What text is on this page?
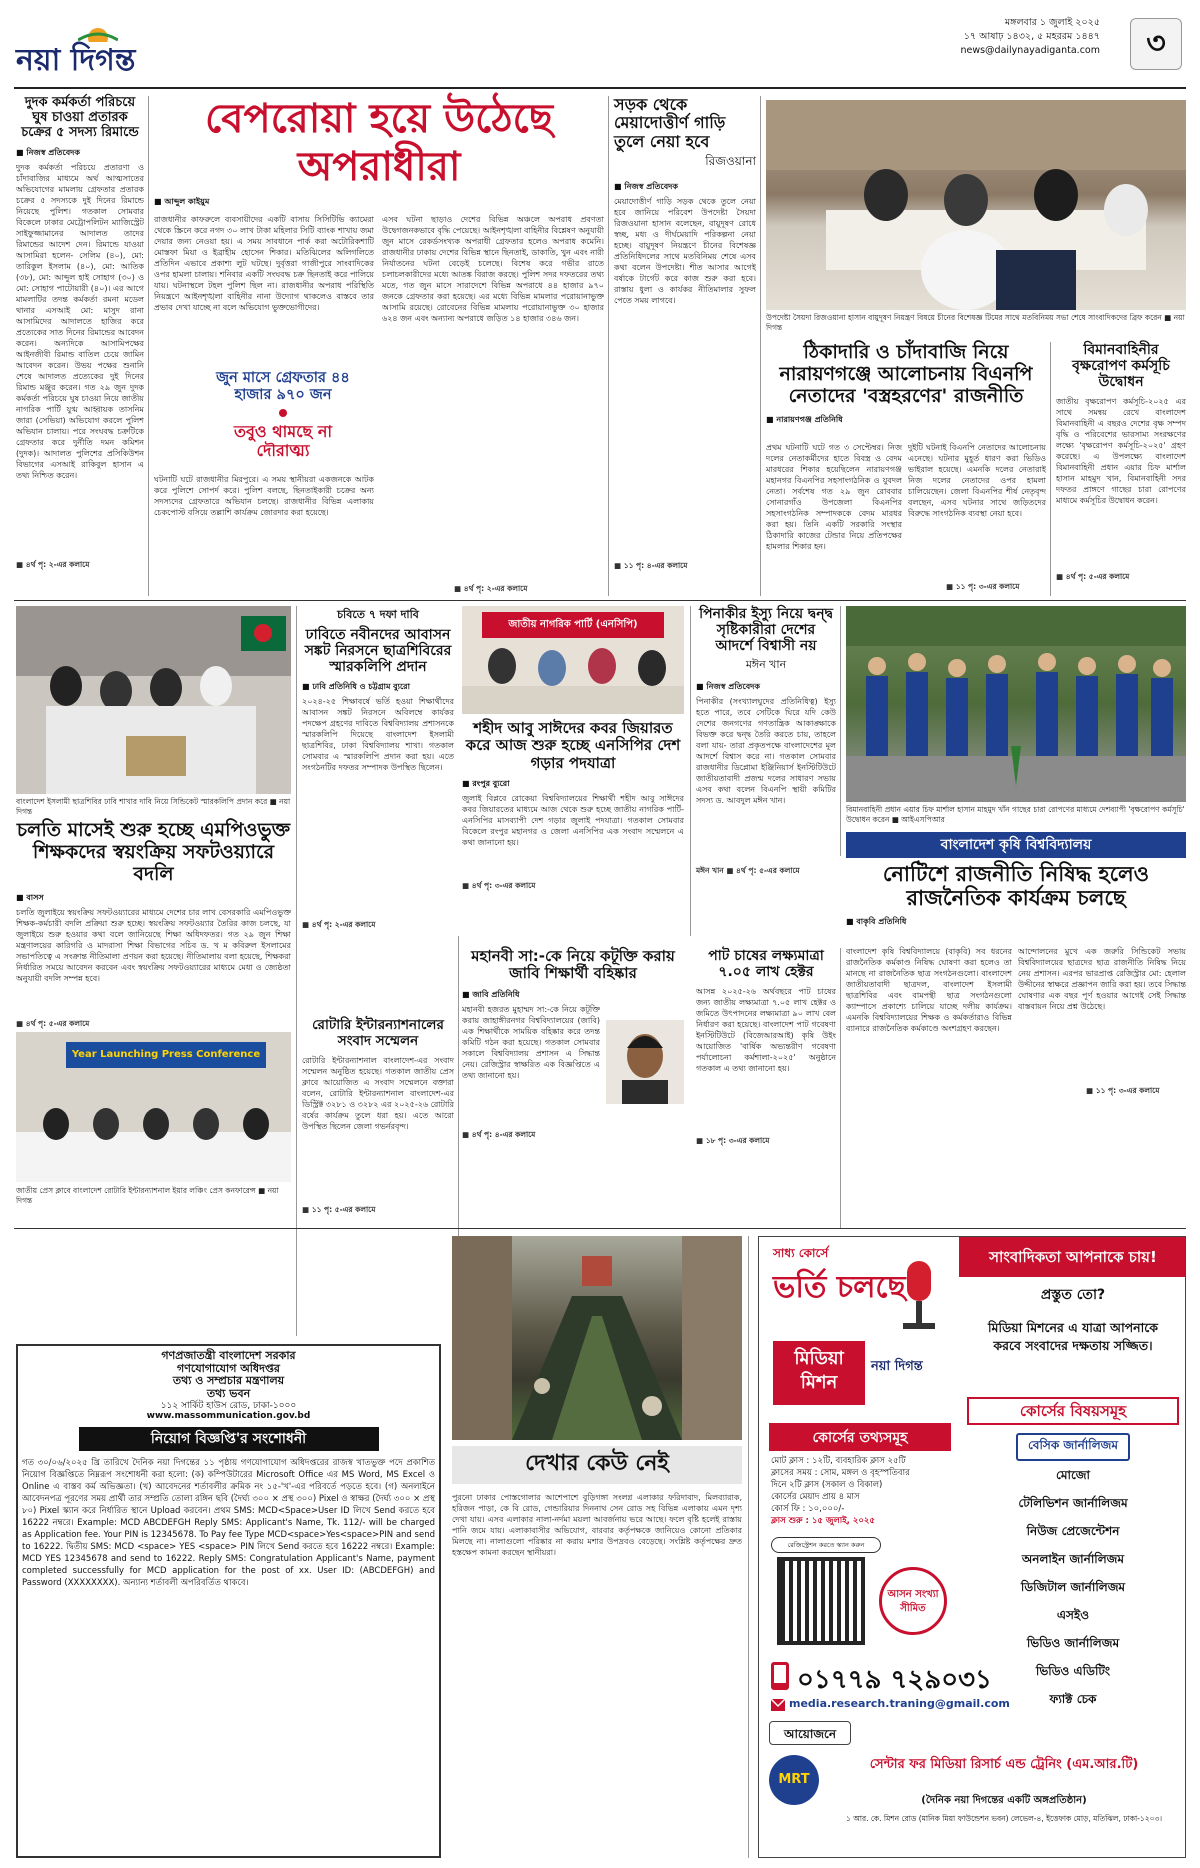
নয়া দিগন্ত
মঙ্গলবার ১ জুলাই ২০২৫
১৭ আষাঢ় ১৪৩২, ৫ মহররম ১৪৪৭
news@dailynayadiganta.com ৩
দুদক কর্মকর্তা পরিচয়ে ঘুষ চাওয়া প্রতারক চক্রের ৫ সদস্য রিমান্ডে
■ নিজস্ব প্রতিবেদক
দুদক কর্মকর্তা পরিচয়ে প্রতারণা ও চাঁদাবাজির মাধ্যমে অর্থ আত্মসাতের অভিযোগের মামলায় গ্রেফতার প্রতারক চক্রের ৫ সদস্যকে দুই দিনের রিমান্ডে নিয়েছে পুলিশ। গতকাল সোমবার বিকেলে ঢাকার মেট্রোপলিটন ম্যাজিস্ট্রেট সাইফুজ্জামানের আদালত তাদের রিমান্ডের আদেশ দেন। রিমান্ডে যাওয়া আসামিরা হলেন- সেলিম (৪০), মো: তারিকুল ইসলাম (৪০), মো: আতিক (৩৮), মো: আব্দুল হাই সোহাগ (৩০) ও মো: সোহাগ পাটোয়ারী (৪০)। এর আগে মামলাটির তদন্ত কর্মকর্তা রমনা মডেল থানার এসআই মো: মাসুদ রানা আসামিদের আদালতে হাজির করে প্রত্যেকের সাত দিনের রিমান্ডের আবেদন করেন। অন্যদিকে আসামিপক্ষের আইনজীবী রিমান্ড বাতিল চেয়ে জামিন আবেদন করেন। উভয় পক্ষের শুনানি শেষে আদালত প্রত্যেকের দুই দিনের রিমান্ড মঞ্জুর করেন। গত ২৯ জুন দুদক কর্মকর্তা পরিচয়ে ঘুষ চাওয়া নিয়ে জাতীয় নাগরিক পার্টি যুগ্ম আহ্বায়ক তাসনিম জারা (সেভিয়া) অভিযোগ করলে পুলিশ অভিযান চালায়। পরে সংঘবদ্ধ চক্রটিকে গ্রেফতার করে দুর্নীতি দমন কমিশন (দুদক)। আদালত পুলিশের প্রসিকিউশন বিভাগের এসআই রাকিবুল হাসান এ তথ্য নিশ্চিত করেন।
■ ৪র্থ পৃ: ২-এর কলামে
বেপরোয়া হয়ে উঠেছে
অপরাধীরা
■ আব্দুল কাইয়ুম
রাজধানীর কাফরুলে ব্যবসায়ীদের একটি বাসায় সিসিটিভি ক্যামেরা থেকে স্ক্রিনে করে নগদ ৩০ লাখ টাকা মহিলার সিটি ব্যাংক শাখায় জমা দেয়ার জন্য নেওয়া হয়। এ সময় সাবধানে পার্ক করা অটোরিকশাটি মোস্তফা মিয়া ও ইব্রাহীম হোসেন শিকার। মতিঝিলের অলিগলিতে প্রতিদিন এভাবে প্রকাশ্য লুট ঘটছে। দুর্বৃত্তরা গাজীপুরে সাংবাদিকের ওপর হামলা চালায়। শনিবার একটি সংঘবদ্ধ চক্র ছিনতাই করে পালিয়ে যায়। ঘটনাস্থলে টহল পুলিশ ছিল না। রাজধানীর অপরাধ পরিস্থিতি নিয়ন্ত্রণে আইনশৃঙ্খলা বাহিনীর নানা উদ্যোগ থাকলেও বাস্তবে তার প্রভাব দেখা যাচ্ছে না বলে অভিযোগ ভুক্তভোগীদের।
এসব ঘটনা ছাড়াও দেশের বিভিন্ন অঞ্চলে অপরাধ প্রবণতা উদ্বেগজনকভাবে বৃদ্ধি পেয়েছে। আইনশৃঙ্খলা বাহিনীর বিশ্লেষণ অনুযায়ী জুন মাসে রেকর্ডসংখ্যক অপরাধী গ্রেফতার হলেও অপরাধ কমেনি। রাজধানীর ঢাকায় দেশের বিভিন্ন স্থানে ছিনতাই, ডাকাতি, খুন এবং নারী নির্যাতনের ঘটনা বেড়েই চলেছে। বিশেষ করে গভীর রাতে চলাচলকারীদের মধ্যে আতঙ্ক বিরাজ করছে। পুলিশ সদর দফতরের তথ্য মতে, গত জুন মাসে সারাদেশে বিভিন্ন অপরাধে ৪৪ হাজার ৯৭০ জনকে গ্রেফতার করা হয়েছে। এর মধ্যে বিভিন্ন মামলার পরোয়ানাভুক্ত আসামি রয়েছে। রোবেনের বিভিন্ন মামলায় পরোয়ানাভুক্ত ৩০ হাজার ৬২৪ জন এবং অন্যান্য অপরাধে জড়িত ১৪ হাজার ৩৪৬ জন।
জুন মাসে গ্রেফতার ৪৪
হাজার ৯৭০ জন
তবুও থামছে না
দৌরাত্ম্য
ঘটনাটি ঘটে রাজধানীর মিরপুরে। এ সময় স্থানীয়রা একজনকে আটক করে পুলিশে সোপর্দ করে। পুলিশ বলছে, ছিনতাইকারী চক্রের অন্য সদস্যদের গ্রেফতারে অভিযান চলছে। রাজধানীর বিভিন্ন এলাকায় চেকপোস্ট বসিয়ে তল্লাশি কার্যক্রম জোরদার করা হয়েছে।
■ ৪র্থ পৃ: ২-এর কলামে
সড়ক থেকে মেয়াদোত্তীর্ণ গাড়ি তুলে নেয়া হবে
রিজওয়ানা
■ নিজস্ব প্রতিবেদক
মেয়াদোত্তীর্ণ গাড়ি সড়ক থেকে তুলে নেয়া হবে জানিয়ে পরিবেশ উপদেষ্টা সৈয়দা রিজওয়ানা হাসান বলেছেন, বায়ুদূষণ রোধে স্বচ্ছ, মধ্য ও দীর্ঘমেয়াদি পরিকল্পনা নেয়া হচ্ছে। বায়ুদূষণ নিয়ন্ত্রণে চীনের বিশেষজ্ঞ প্রতিনিধিদলের সাথে মতবিনিময় শেষে এসব কথা বলেন উপদেষ্টা। শীত আসার আগেই বর্ষাকে টার্গেট করে কাজ শুরু করা হবে। রাস্তায় ধুলা ও কার্যকর নীতিমালার সুফল পেতে সময় লাগবে।
■ ১১ পৃ: ৪-এর কলামে
উপদেষ্টা সৈয়দা রিজওয়ানা হাসান বায়ুদূষণ নিয়ন্ত্রণ বিষয়ে চীনের বিশেষজ্ঞ টিমের সাথে মতবিনিময় সভা শেষে সাংবাদিকদের ব্রিফ করেন ■ নয়া দিগন্ত
ঠিকাদারি ও চাঁদাবাজি নিয়ে নারায়ণগঞ্জে আলোচনায় বিএনপি নেতাদের 'বস্ত্রহরণের' রাজনীতি
■ নারায়ণগঞ্জ প্রতিনিধি
প্রথম ঘটনাটি ঘটে গত ৩ সেপ্টেম্বর। নিজ দলের নেতাকর্মীদের হাতে বিবস্ত্র ও বেদম মারধরের শিকার হয়েছিলেন নারায়ণগঞ্জ মহানগর বিএনপির সহসাংগঠনিক ও যুবদল নেতা। সর্বশেষ গত ২৯ জুন রোববার সোনারগাঁও উপজেলা বিএনপির সহসাংগঠনিক সম্পাদককে বেদম মারধর করা হয়। তিনি একটি সরকারি সংস্থার ঠিকাদারি কাজের টেন্ডার নিয়ে প্রতিপক্ষের হামলার শিকার হন।
দুইটি ঘটনাই বিএনপি নেতাদের আলোচনায় এনেছে। ঘটনার মুহূর্ত ধারণ করা ভিডিও ভাইরাল হয়েছে। এমনকি দলের নেতারাই নিজ দলের নেতাদের ওপর হামলা চালিয়েছেন। জেলা বিএনপির শীর্ষ নেতৃবৃন্দ বলছেন, এসব ঘটনার সাথে জড়িতদের বিরুদ্ধে সাংগঠনিক ব্যবস্থা নেয়া হবে।
■ ১১ পৃ: ৩-এর কলামে
বিমানবাহিনীর বৃক্ষরোপণ কর্মসূচি উদ্বোধন
জাতীয় বৃক্ষরোপণ কর্মসূচি-২০২৫ এর সাথে সমন্বয় রেখে বাংলাদেশ বিমানবাহিনী এ বছরও দেশের বৃক্ষ সম্পদ বৃদ্ধি ও পরিবেশের ভারসাম্য সংরক্ষণের লক্ষ্যে 'বৃক্ষরোপণ কর্মসূচি-২০২৫' গ্রহণ করেছে। এ উপলক্ষ্যে বাংলাদেশ বিমানবাহিনী প্রধান এয়ার চিফ মার্শাল হাসান মাহমুদ খান, বিমানবাহিনী সদর দফতর প্রাঙ্গণে গাছের চারা রোপণের মাধ্যমে কর্মসূচির উদ্বোধন করেন।
■ ৪র্থ পৃ: ৫-এর কলামে
বাংলাদেশ ইসলামী ছাত্রশিবির ঢাবি শাখার দাবি নিয়ে সিন্ডিকেট স্মারকলিপি প্রদান করে ■ নয়া দিগন্ত
চলতি মাসেই শুরু হচ্ছে এমপিওভুক্ত শিক্ষকদের স্বয়ংক্রিয় সফটওয়্যারে বদলি
■ বাসস
চলতি জুলাইয়ে স্বয়ংক্রিয় সফটওয়্যারের মাধ্যমে দেশের চার লাখ বেসরকারি এমপিওভুক্ত শিক্ষক-কর্মচারী বদলি প্রক্রিয়া শুরু হচ্ছে। স্বয়ংক্রিয় সফটওয়্যার তৈরির কাজ চলছে, যা জুলাইয়ে শুরু হওয়ার কথা বলে জানিয়েছে শিক্ষা অধিদফতর। গত ২৯ জুন শিক্ষা মন্ত্রণালয়ের কারিগরি ও মাদরাসা শিক্ষা বিভাগের সচিব ড. খ ম কবিরুল ইসলামের সভাপতিত্বে এ সংক্রান্ত নীতিমালা প্রণয়ন করা হয়েছে। নীতিমালায় বলা হয়েছে, শিক্ষকরা নির্ধারিত সময়ে আবেদন করবেন এবং স্বয়ংক্রিয় সফটওয়্যারের মাধ্যমে মেধা ও জ্যেষ্ঠতা অনুযায়ী বদলি সম্পন্ন হবে।
■ ৪র্থ পৃ: ৫-এর কলামে
চবিতে ৭ দফা দাবি
ঢাবিতে নবীনদের আবাসন সঙ্কট নিরসনে ছাত্রশিবিরের স্মারকলিপি প্রদান
■ ঢাবি প্রতিনিধি ও চট্টগ্রাম ব্যুরো
২০২৪-২৫ শিক্ষাবর্ষে ভর্তি হওয়া শিক্ষার্থীদের আবাসন সঙ্কট নিরসনে অবিলম্বে কার্যকর পদক্ষেপ গ্রহণের দাবিতে বিশ্ববিদ্যালয় প্রশাসনকে স্মারকলিপি দিয়েছে বাংলাদেশ ইসলামী ছাত্রশিবির, ঢাকা বিশ্ববিদ্যালয় শাখা। গতকাল সোমবার এ স্মারকলিপি প্রদান করা হয়। এতে সংগঠনটির দফতর সম্পাদক উপস্থিত ছিলেন।
■ ৪র্থ পৃ: ২-এর কলামে
জাতীয় নাগরিক পার্টি (এনসিপি)
শহীদ আবু সাঈদের কবর জিয়ারত করে আজ শুরু হচ্ছে এনসিপির দেশ গড়ার পদযাত্রা
■ রংপুর ব্যুরো
জুলাই বিপ্লবে রোকেয়া বিশ্ববিদ্যালয়ের শিক্ষার্থী শহীদ আবু সাঈদের কবর জিয়ারতের মাধ্যমে আজ থেকে শুরু হচ্ছে জাতীয় নাগরিক পার্টি-এনসিপির মাসব্যাপী দেশ গড়ার জুলাই পদযাত্রা। গতকাল সোমবার বিকেলে রংপুর মহানগর ও জেলা এনসিপির এক সংবাদ সম্মেলনে এ কথা জানানো হয়।
■ ৪র্থ পৃ: ৩-এর কলামে
পিনাকীর ইস্যু নিয়ে দ্বন্দ্ব সৃষ্টিকারীরা দেশের আদর্শে বিশ্বাসী নয়
মঈন খান
■ নিজস্ব প্রতিবেদক
পিনাকীর (সংখ্যালঘুদের প্রতিনিধিত্ব) ইস্যু হতে পারে, তবে সেটিকে ঘিরে যদি কেউ দেশের জনগণের গণতান্ত্রিক আকাঙ্ক্ষাকে বিভক্ত করে দ্বন্দ্ব তৈরি করতে চায়, তাহলে বলা যায়- তারা প্রকৃতপক্ষে বাংলাদেশের মূল আদর্শে বিশ্বাস করে না। গতকাল সোমবার রাজধানীর ডিপ্লোমা ইঞ্জিনিয়ার্স ইনস্টিটিউটে জাতীয়তাবাদী প্রজন্ম দলের সাধারণ সভায় এসব কথা বলেন বিএনপি স্থায়ী কমিটির সদস্য ড. আবদুল মঈন খান।
মঈন খান ■ ৪র্থ পৃ: ৫-এর কলামে
বিমানবাহিনী প্রধান এয়ার চিফ মার্শাল হাসান মাহমুদ খাঁন গাছের চারা রোপণের মাধ্যমে দেশব্যাপী 'বৃক্ষরোপণ কর্মসূচি' উদ্বোধন করেন ■ আইএসপিআর
বাংলাদেশ কৃষি বিশ্ববিদ্যালয়
নোটিশে রাজনীতি নিষিদ্ধ হলেও রাজনৈতিক কার্যক্রম চলছে
■ বাকৃবি প্রতিনিধি
বাংলাদেশ কৃষি বিশ্ববিদ্যালয়ে (বাকৃবি) সব ধরনের রাজনৈতিক কর্মকাণ্ড নিষিদ্ধ ঘোষণা করা হলেও তা মানছে না রাজনৈতিক ছাত্র সংগঠনগুলো। বাংলাদেশ জাতীয়তাবাদী ছাত্রদল, বাংলাদেশ ইসলামী ছাত্রশিবির এবং বামপন্থী ছাত্র সংগঠনগুলো ক্যাম্পাসে প্রকাশ্যে চালিয়ে যাচ্ছে দলীয় কার্যক্রম। এমনকি বিশ্ববিদ্যালয়ের শিক্ষক ও কর্মকর্তারাও বিভিন্ন ব্যানারে রাজনৈতিক কর্মকাণ্ডে অংশগ্রহণ করছেন।
আন্দোলনের মুখে এক জরুরি সিন্ডিকেট সভায় বিশ্ববিদ্যালয়ের ছাত্রদের ছাত্র রাজনীতি নিষিদ্ধ নিয়ে নেয় প্রশাসন। এরপর ভারপ্রাপ্ত রেজিস্ট্রার মো: হেলাল উদ্দীনের স্বাক্ষরে প্রজ্ঞাপন জারি করা হয়। তবে সিদ্ধান্ত ঘোষণার এক বছর পূর্ণ হওয়ার আগেই সেই সিদ্ধান্ত বাস্তবায়ন নিয়ে প্রশ্ন উঠেছে।
■ ১১ পৃ: ৩-এর কলামে
Year Launching Press Conference
জাতীয় প্রেস ক্লাবে বাংলাদেশ রোটারি ইন্টারন্যাশনাল ইয়ার লঞ্চিং প্রেস কনফারেন্স ■ নয়া দিগন্ত
রোটারি ইন্টারন্যাশনালের সংবাদ সম্মেলন
রোটারি ইন্টারন্যাশনাল বাংলাদেশ-এর সংবাদ সম্মেলন অনুষ্ঠিত হয়েছে। গতকাল জাতীয় প্রেস ক্লাবে আয়োজিত এ সংবাদ সম্মেলনে বক্তারা বলেন, রোটারি ইন্টারন্যাশনাল বাংলাদেশ-এর ডিস্ট্রিক্ট ৩২৮১ ও ৩২৮২ এর ২০২৫-২৬ রোটারি বর্ষের কার্যক্রম তুলে ধরা হয়। এতে আরো উপস্থিত ছিলেন জেলা গভর্নরবৃন্দ।
■ ১১ পৃ: ৫-এর কলামে
মহানবী সা:-কে নিয়ে কটূক্তি করায় জাবি শিক্ষার্থী বহিষ্কার
■ জাবি প্রতিনিধি
মহানবী হজরত মুহাম্মদ সা:-কে নিয়ে কটূক্তি করায় জাহাঙ্গীরনগর বিশ্ববিদ্যালয়ের (জাবি) এক শিক্ষার্থীকে সাময়িক বহিষ্কার করে তদন্ত কমিটি গঠন করা হয়েছে। গতকাল সোমবার সকালে বিশ্ববিদ্যালয় প্রশাসন এ সিদ্ধান্ত নেয়। রেজিস্ট্রার স্বাক্ষরিত এক বিজ্ঞপ্তিতে এ তথ্য জানানো হয়।
■ ৪র্থ পৃ: ৪-এর কলামে
পাট চাষের লক্ষ্যমাত্রা ৭.০৫ লাখ হেক্টর
আসন্ন ২০২৫-২৬ অর্থবছরে পাট চাষের জন্য জাতীয় লক্ষ্যমাত্রা ৭.০৫ লাখ হেক্টর ও জমিতে উৎপাদনের লক্ষ্যমাত্রা ৯০ লাখ বেল নির্ধারণ করা হয়েছে। বাংলাদেশ পাট গবেষণা ইনস্টিটিউটে (বিজেআরআই) কৃষি উইং আয়োজিত 'বার্ষিক অভ্যন্তরীণ গবেষণা পর্যালোচনা কর্মশালা-২০২৫' অনুষ্ঠানে গতকাল এ তথ্য জানানো হয়।
■ ১৮ পৃ: ৩-এর কলামে
গণপ্রজাতন্ত্রী বাংলাদেশ সরকার
গণযোগাযোগ অধিদপ্তর
তথ্য ও সম্প্রচার মন্ত্রণালয়
তথ্য ভবন
১১২ সার্কিট হাউস রোড, ঢাকা-১০০০
www.massommunication.gov.bd
নিয়োগ বিজ্ঞপ্তি'র সংশোধনী
গত ৩০/০৬/২০২৫ খ্রি তারিখে দৈনিক নয়া দিগন্তের ১১ পৃষ্ঠায় গণযোগাযোগ অধিদপ্তরের রাজস্ব খাতভুক্ত পদে প্রকাশিত নিয়োগ বিজ্ঞপ্তিতে নিম্নরূপ সংশোধনী করা হলো: (ক) কম্পিউটারের Microsoft Office এর MS Word, MS Excel ও Online এ বাস্তব কর্ম অভিজ্ঞতা। (খ) আবেদনের শর্তাবলীর ক্রমিক নং ১৫-'খ'-এর পরিবর্তে পড়তে হবে। (গ) অনলাইনে আবেদনপত্র পূরণের সময় প্রার্থী তার সম্প্রতি তোলা রঙ্গিন ছবি (দৈর্ঘ্য ৩০০ × প্রস্থ ৩০০) Pixel ও স্বাক্ষর (দৈর্ঘ্য ৩০০ × প্রস্থ ৮০) Pixel স্ক্যান করে নির্ধারিত স্থানে Upload করবেন। প্রথম SMS: MCD<Space>User ID লিখে Send করতে হবে 16222 নম্বরে। Example: MCD ABCDEFGH Reply SMS: Applicant's Name, Tk. 112/- will be charged as Application fee. Your PIN is 12345678. To Pay fee Type MCD<space>Yes<space>PIN and send to 16222. দ্বিতীয় SMS: MCD <space> YES <space> PIN লিখে Send করতে হবে 16222 নম্বরে। Example: MCD YES 12345678 and send to 16222. Reply SMS: Congratulation Applicant's Name, payment completed successfully for MCD application for the post of xx. User ID: (ABCDEFGH) and Password (XXXXXXXX). অন্যান্য শর্তাবলী অপরিবর্তিত থাকবে।
দেখার কেউ নেই
পুরনো ঢাকার পোস্তগোলার আশেপাশে বুড়িগঙ্গা সংলগ্ন এলাকার ফরিদাবাদ, মিলব্যারাক, হরিজন পাড়া, কে বি রোড, গেন্ডারিয়ার দিননাথ সেন রোড সহ বিভিন্ন এলাকায় এমন দৃশ্য দেখা যায়। এসব এলাকার নালা-নর্দমা ময়লা আবর্জনায় ভরে আছে। ফলে বৃষ্টি হলেই রাস্তায় পানি জমে যায়। এলাকাবাসীর অভিযোগ, বারবার কর্তৃপক্ষকে জানিয়েও কোনো প্রতিকার মিলছে না। নালাগুলো পরিষ্কার না করায় মশার উপদ্রবও বেড়েছে। সংশ্লিষ্ট কর্তৃপক্ষের দ্রুত হস্তক্ষেপ কামনা করছেন স্থানীয়রা।
সাধ্য কোর্সে
ভর্তি চলছে
মিডিয়া
মিশন
নয়া দিগন্ত
কোর্সের তথ্যসমূহ
মোট ক্লাস : ১২টি, ব্যবহারিক ক্লাস ২৫টি
ক্লাসের সময় : সোম, মঙ্গল ও বৃহস্পতিবার
দিনে ২টি ক্লাস (সকাল ও বিকাল)
কোর্সের মেয়াদ প্রায় ৪ মাস
কোর্স ফি : ১০,০০০/-
ক্লাস শুরু : ১৫ জুলাই, ২০২৫
রেজিস্ট্রেশন করতে স্ক্যান করুন
আসন সংখ্যা সীমিত
সাংবাদিকতা আপনাকে চায়!
প্রস্তুত তো?
মিডিয়া মিশনের এ যাত্রা আপনাকে করবে সংবাদের দক্ষতায় সজ্জিত।
কোর্সের বিষয়সমূহ
বেসিক জার্নালিজম
মোজো
টেলিভিশন জার্নালিজম
নিউজ প্রেজেন্টেশন
অনলাইন জার্নালিজম
ডিজিটাল জার্নালিজম
এসইও
ভিডিও জার্নালিজম
ভিডিও এডিটিং
ফ্যাক্ট চেক
০১৭৭৯ ৭২৯০৩১
media.research.traning@gmail.com
আয়োজনে
MRT
সেন্টার ফর মিডিয়া রিসার্চ এন্ড ট্রেনিং (এম.আর.টি)
(দৈনিক নয়া দিগন্তের একটি অঙ্গপ্রতিষ্ঠান)
১ আর. কে. মিশন রোড (মানিক মিয়া ফাউন্ডেশন ভবন) লেভেল-৪, ইত্তেফাক মোড়, মতিঝিল, ঢাকা-১২০৩।
